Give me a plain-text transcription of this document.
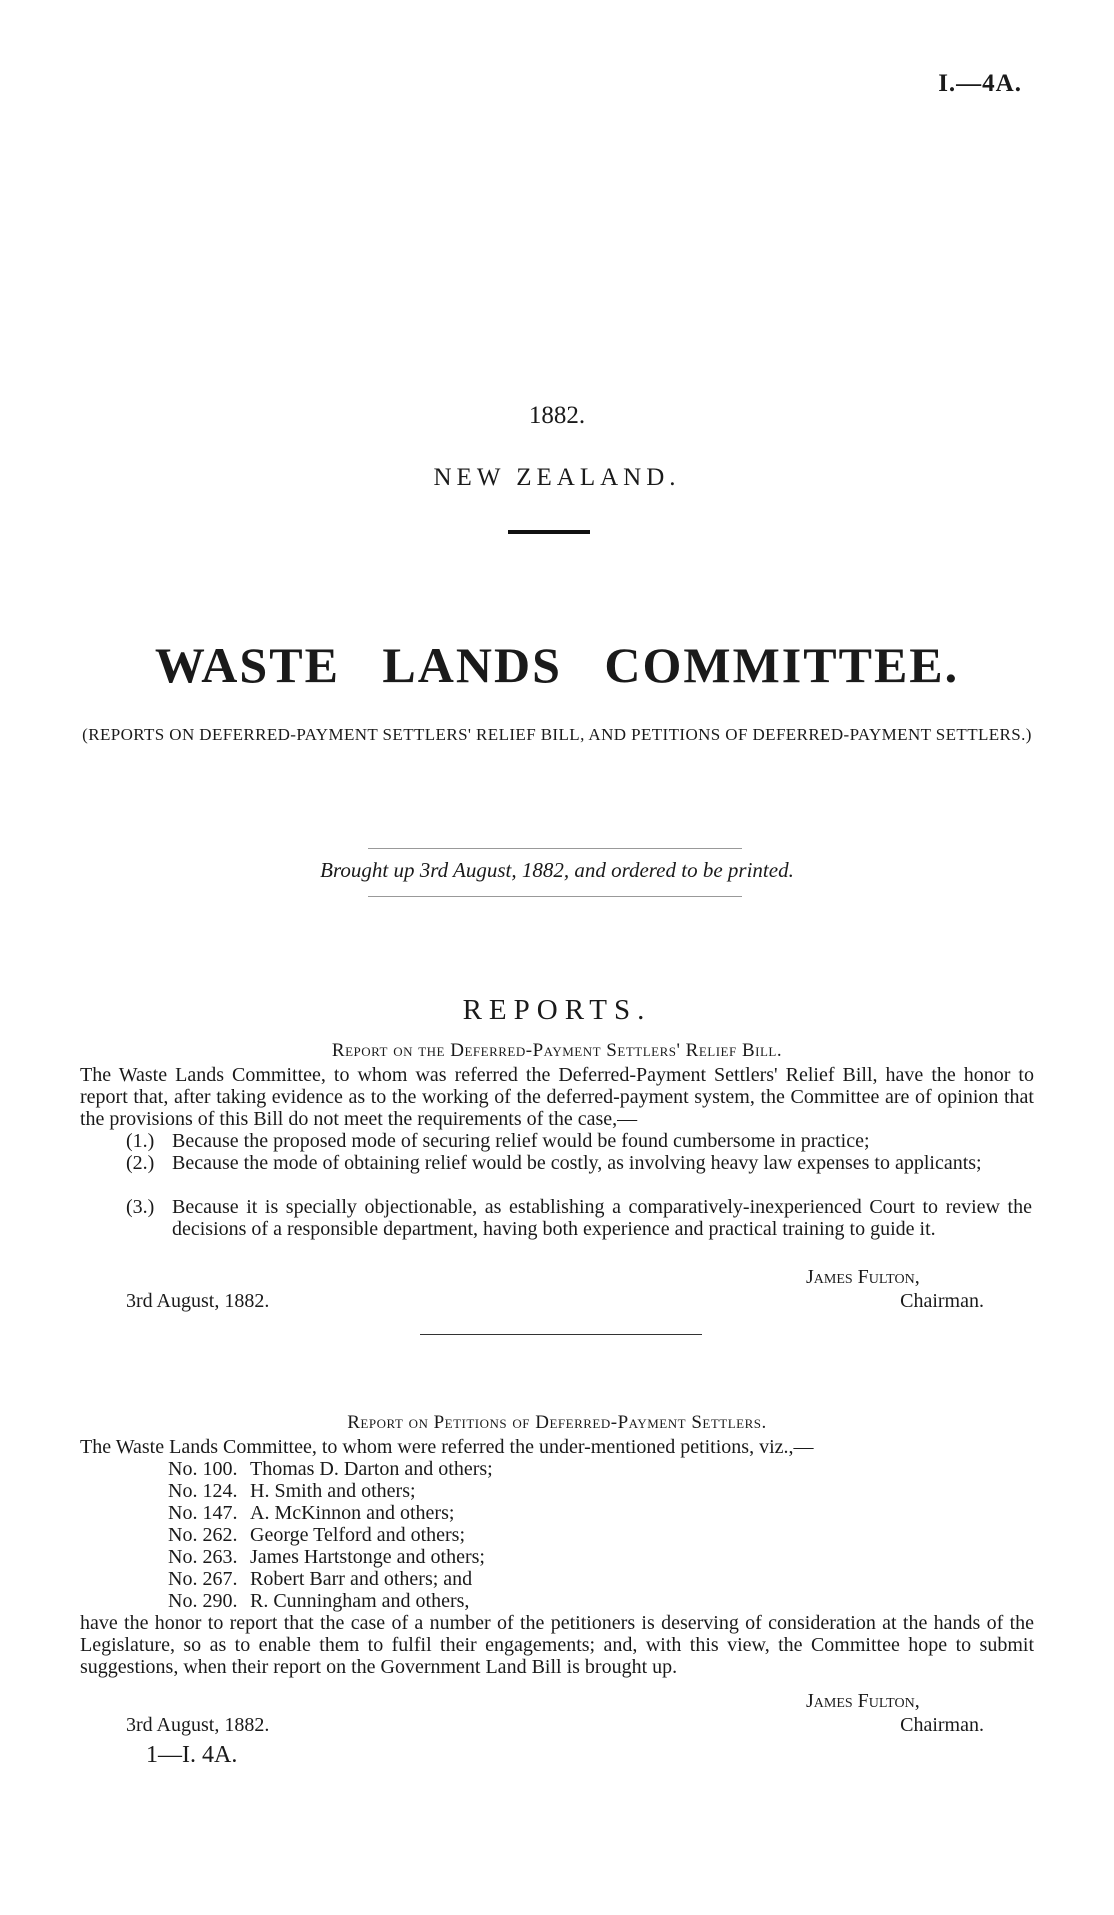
I.—4A.
1882.
NEW ZEALAND.
WASTE LANDS COMMITTEE.
(REPORTS ON DEFERRED-PAYMENT SETTLERS' RELIEF BILL, AND PETITIONS OF DEFERRED-PAYMENT SETTLERS.)
Brought up 3rd August, 1882, and ordered to be printed.
REPORTS.
Report on the Deferred-Payment Settlers' Relief Bill.
The Waste Lands Committee, to whom was referred the Deferred-Payment Settlers' Relief Bill, have the honor to report that, after taking evidence as to the working of the deferred-payment system, the Committee are of opinion that the provisions of this Bill do not meet the requirements of the case,—
(1.) Because the proposed mode of securing relief would be found cumbersome in practice;
(2.) Because the mode of obtaining relief would be costly, as involving heavy law expenses to applicants;
(3.) Because it is specially objectionable, as establishing a comparatively-inexperienced Court to review the decisions of a responsible department, having both experience and practical training to guide it.
James Fulton,
Chairman.
3rd August, 1882.
Report on Petitions of Deferred-Payment Settlers.
The Waste Lands Committee, to whom were referred the under-mentioned petitions, viz.,—
No. 100. Thomas D. Darton and others;
No. 124. H. Smith and others;
No. 147. A. McKinnon and others;
No. 262. George Telford and others;
No. 263. James Hartstonge and others;
No. 267. Robert Barr and others; and
No. 290. R. Cunningham and others,
have the honor to report that the case of a number of the petitioners is deserving of consideration at the hands of the Legislature, so as to enable them to fulfil their engagements; and, with this view, the Committee hope to submit suggestions, when their report on the Government Land Bill is brought up.
James Fulton,
Chairman.
3rd August, 1882.
1—I. 4A.
